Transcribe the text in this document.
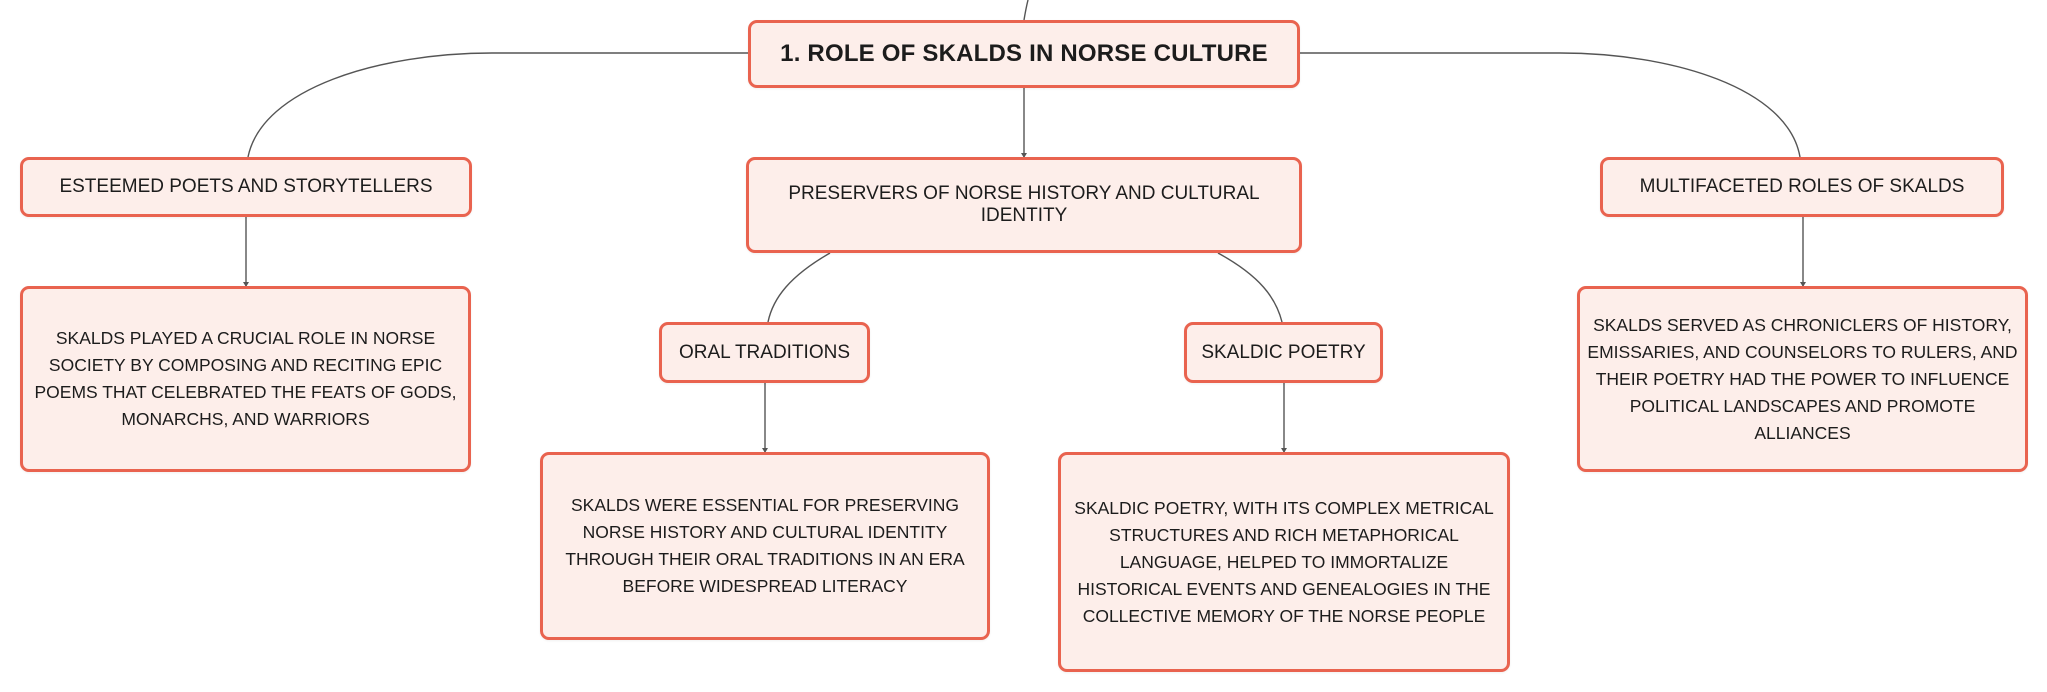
1. ROLE OF SKALDS IN NORSE CULTURE
ESTEEMED POETS AND STORYTELLERS
SKALDS PLAYED A CRUCIAL ROLE IN NORSE SOCIETY BY COMPOSING AND RECITING EPIC POEMS THAT CELEBRATED THE FEATS OF GODS, MONARCHS, AND WARRIORS
PRESERVERS OF NORSE HISTORY AND CULTURAL IDENTITY
ORAL TRADITIONS
SKALDS WERE ESSENTIAL FOR PRESERVING NORSE HISTORY AND CULTURAL IDENTITY THROUGH THEIR ORAL TRADITIONS IN AN ERA BEFORE WIDESPREAD LITERACY
SKALDIC POETRY
SKALDIC POETRY, WITH ITS COMPLEX METRICAL STRUCTURES AND RICH METAPHORICAL LANGUAGE, HELPED TO IMMORTALIZE HISTORICAL EVENTS AND GENEALOGIES IN THE COLLECTIVE MEMORY OF THE NORSE PEOPLE
MULTIFACETED ROLES OF SKALDS
SKALDS SERVED AS CHRONICLERS OF HISTORY, EMISSARIES, AND COUNSELORS TO RULERS, AND THEIR POETRY HAD THE POWER TO INFLUENCE POLITICAL LANDSCAPES AND PROMOTE ALLIANCES
